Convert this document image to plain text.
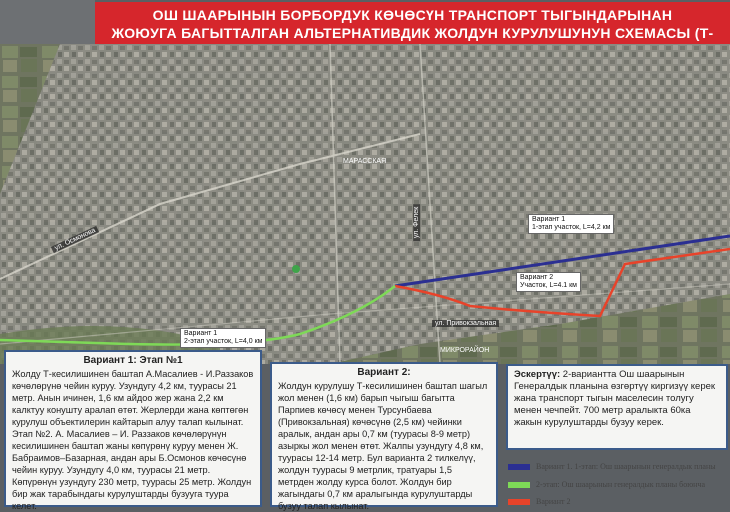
ОШ ШААРЫНЫН БОРБОРДУК КӨЧӨСҮН ТРАНСПОРТ ТЫГЫНДАРЫНАН
ЖОЮУГА БАГЫТТАЛГАН АЛЬТЕРНАТИВДИК ЖОЛДУН КУРУЛУШУНУН СХЕМАСЫ (Т-
ул. Осмонова
ул. Привокзальная
ул. Фелек
МАРАССКАЯ
МИКРОРАЙОН
Вариант 1
1-этап участок, L=4,2 км
Вариант 2
Участок, L=4.1 км
Вариант 1
2-этап участок, L=4,0 км
Вариант 1: Этап №1

Жолду Т-кесилишинен баштап А.Масалиев - И.Раззаков көчөлөрүнө чейин куруу. Узундугу 4,2 км, туурасы 21 метр. Анын ичинен, 1,6 км айдоо жер жана 2,2 км калктуу конушту аралап өтөт. Жерлерди жана көптөгөн курулуш объектилерин кайтарып алуу талап кылынат. Этап №2. А. Масалиев – И. Раззаков көчөлөрүнүн кесилишинен баштап жаны көпүрөнү куруу менен Ж. Бабраимов–Базарная, андан ары Б.Осмонов көчөсүнө чейин куруу. Узундугу 4,0 км, туурасы 21 метр. Көпүрөнүн узундугу 230 метр, туурасы 25 метр. Жолдун бир жак тарабындагы курулуштарды бузууга туура келет.

Вариант 2:

Жолдун курулушу Т-кесилишинен баштап шагыл жол менен (1,6 км) барып чыгыш багытта Парпиев көчөсү менен Турсунбаева (Привокзальная) көчөсүнө (2,5 км) чейинки аралык, андан ары 0,7 км (туурасы 8-9 метр) азыркы жол менен өтөт. Жалпы узундугу 4,8 км, туурасы 12-14 метр. Бул варианта 2 тилкелүү, жолдун туурасы 9 метрлик, тратуары 1,5 метрден жолду курса болот. Жолдун бир жагындагы 0,7 км аралыгында курулуштарды бузуу талап кылынат.

Эскертүү: 2-вариантта Ош шаарынын Генералдык планына өзгөртүү киргизүү керек жана транспорт тыгын маселесин толугу менен чечпейт. 700 метр аралыкта 60ка жакын курулуштарды бузуу керек.

Вариант 1. 1-этап: Ош шаарынын генералдык планы
2-этап: Ош шаарынын генералдык планы боюнча
Вариант 2
